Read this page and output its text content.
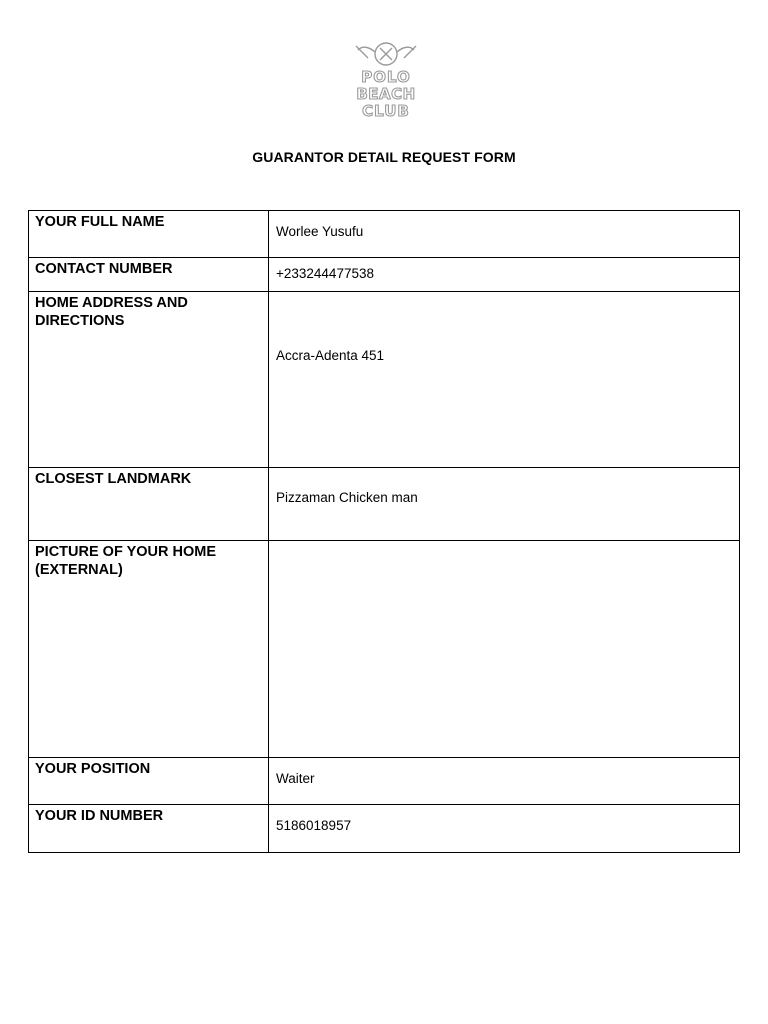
POLO
BEACH
CLUB
GUARANTOR DETAIL REQUEST FORM
YOUR FULL NAME	Worlee Yusufu
CONTACT NUMBER	+233244477538
HOME ADDRESS AND DIRECTIONS	Accra-Adenta 451
CLOSEST LANDMARK	Pizzaman Chicken man
PICTURE OF YOUR HOME (EXTERNAL)	
YOUR POSITION	Waiter
YOUR ID NUMBER	5186018957
